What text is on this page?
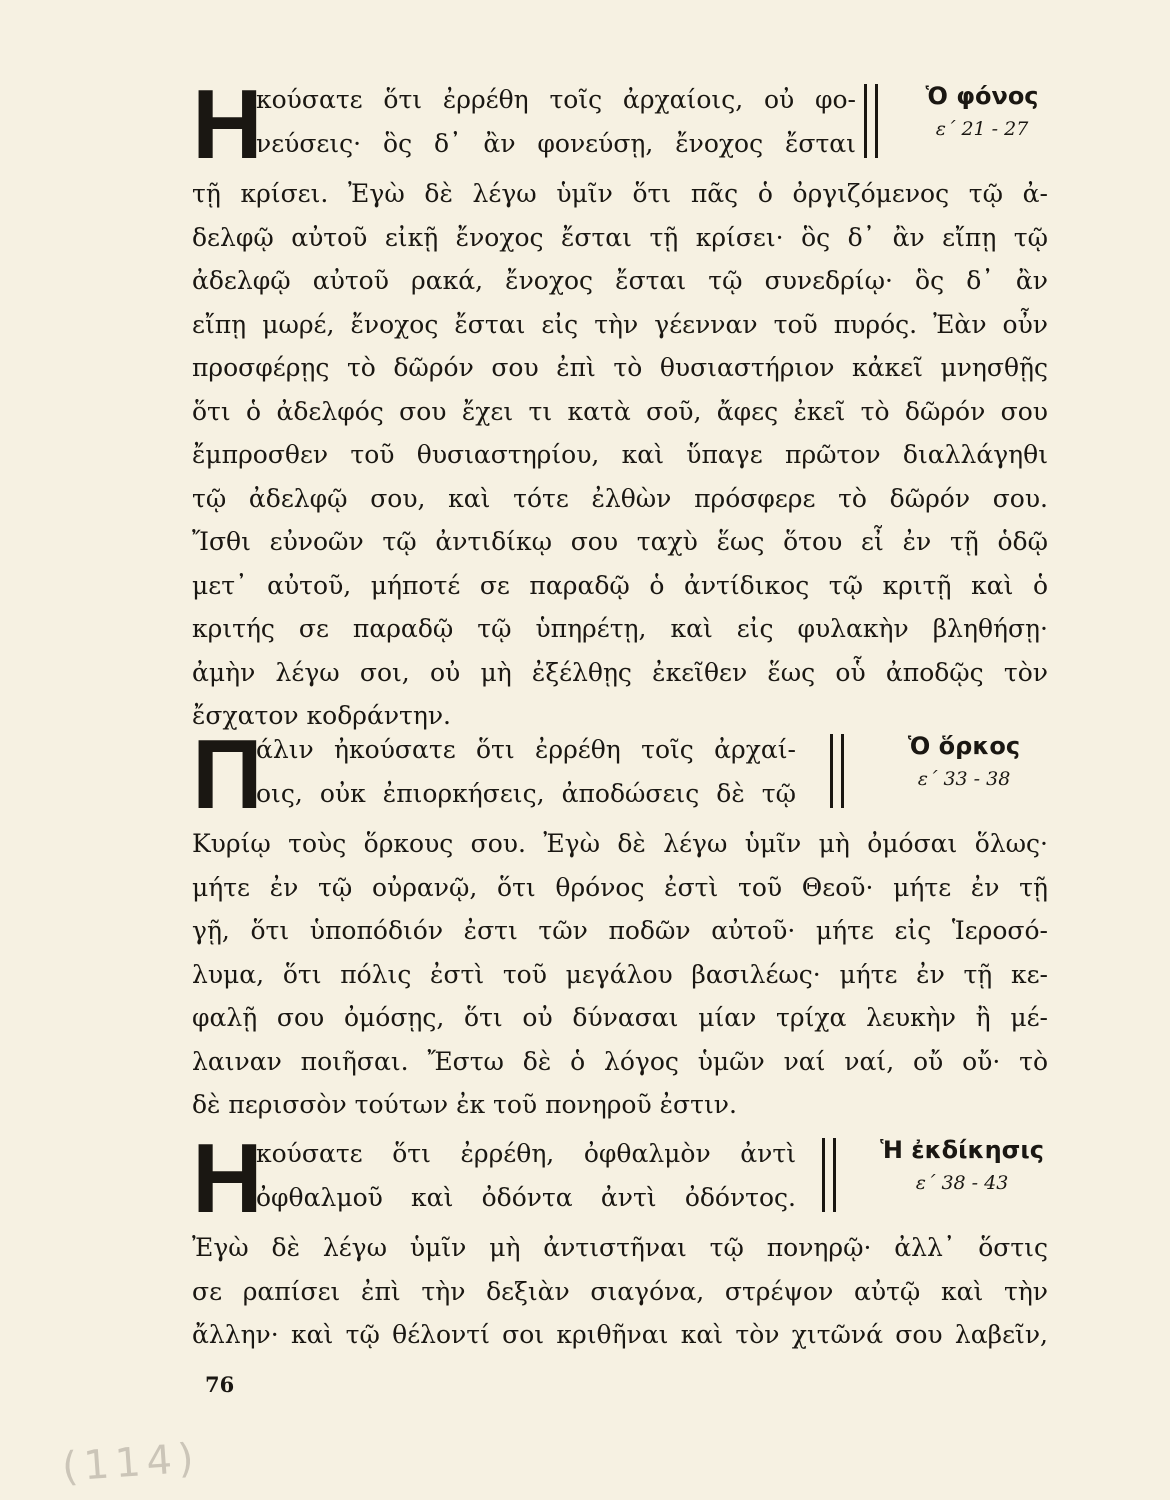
Η
κούσατε ὅτι ἐρρέθη τοῖς ἀρχαίοις, οὐ φο-
νεύσεις· ὃς δ᾽ ἂν φονεύσῃ, ἔνοχος ἔσται
Ὁ φόνος
ε΄ 21 - 27
τῇ κρίσει. Ἐγὼ δὲ λέγω ὑμῖν ὅτι πᾶς ὁ ὀργιζόμενος τῷ ἀ-
δελφῷ αὐτοῦ εἰκῇ ἔνοχος ἔσται τῇ κρίσει· ὃς δ᾽ ἂν εἴπῃ τῷ
ἀδελφῷ αὐτοῦ ρακά, ἔνοχος ἔσται τῷ συνεδρίῳ· ὃς δ᾽ ἂν
εἴπῃ μωρέ, ἔνοχος ἔσται εἰς τὴν γέενναν τοῦ πυρός. Ἐὰν οὖν
προσφέρῃς τὸ δῶρόν σου ἐπὶ τὸ θυσιαστήριον κἀκεῖ μνησθῇς
ὅτι ὁ ἀδελφός σου ἔχει τι κατὰ σοῦ, ἄφες ἐκεῖ τὸ δῶρόν σου
ἔμπροσθεν τοῦ θυσιαστηρίου, καὶ ὕπαγε πρῶτον διαλλάγηθι
τῷ ἀδελφῷ σου, καὶ τότε ἐλθὼν πρόσφερε τὸ δῶρόν σου.
Ἴσθι εὐνοῶν τῷ ἀντιδίκῳ σου ταχὺ ἕως ὅτου εἶ ἐν τῇ ὁδῷ
μετ᾽ αὐτοῦ, μήποτέ σε παραδῷ ὁ ἀντίδικος τῷ κριτῇ καὶ ὁ
κριτής σε παραδῷ τῷ ὑπηρέτῃ, καὶ εἰς φυλακὴν βληθήσῃ·
ἀμὴν λέγω σοι, οὐ μὴ ἐξέλθῃς ἐκεῖθεν ἕως οὗ ἀποδῷς τὸν
ἔσχατον κοδράντην.
Π
άλιν ἠκούσατε ὅτι ἐρρέθη τοῖς ἀρχαί-
οις, οὐκ ἐπιορκήσεις, ἀποδώσεις δὲ τῷ
Ὁ ὅρκος
ε΄ 33 - 38
Κυρίῳ τοὺς ὅρκους σου. Ἐγὼ δὲ λέγω ὑμῖν μὴ ὀμόσαι ὅλως·
μήτε ἐν τῷ οὐρανῷ, ὅτι θρόνος ἐστὶ τοῦ Θεοῦ· μήτε ἐν τῇ
γῇ, ὅτι ὑποπόδιόν ἐστι τῶν ποδῶν αὐτοῦ· μήτε εἰς Ἱεροσό-
λυμα, ὅτι πόλις ἐστὶ τοῦ μεγάλου βασιλέως· μήτε ἐν τῇ κε-
φαλῇ σου ὀμόσῃς, ὅτι οὐ δύνασαι μίαν τρίχα λευκὴν ἢ μέ-
λαιναν ποιῆσαι. Ἔστω δὲ ὁ λόγος ὑμῶν ναί ναί, οὔ οὔ· τὸ
δὲ περισσὸν τούτων ἐκ τοῦ πονηροῦ ἐστιν.
Η
κούσατε ὅτι ἐρρέθη, ὀφθαλμὸν ἀντὶ
ὀφθαλμοῦ καὶ ὀδόντα ἀντὶ ὀδόντος.
Ἡ ἐκδίκησις
ε΄ 38 - 43
Ἐγὼ δὲ λέγω ὑμῖν μὴ ἀντιστῆναι τῷ πονηρῷ· ἀλλ᾽ ὅστις
σε ραπίσει ἐπὶ τὴν δεξιὰν σιαγόνα, στρέψον αὐτῷ καὶ τὴν
ἄλλην· καὶ τῷ θέλοντί σοι κριθῆναι καὶ τὸν χιτῶνά σου λαβεῖν,
76
(114)
